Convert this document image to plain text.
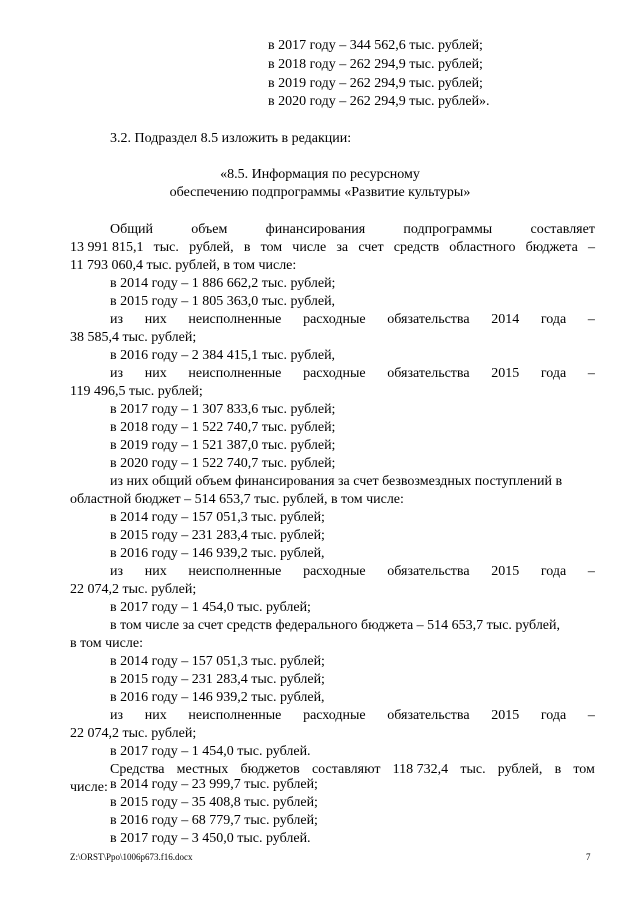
в 2017 году – 344 562,6 тыс. рублей;
в 2018 году – 262 294,9 тыс. рублей;
в 2019 году – 262 294,9 тыс. рублей;
в 2020 году – 262 294,9 тыс. рублей».
3.2. Подраздел 8.5 изложить в редакции:
«8.5. Информация по ресурсному
обеспечению подпрограммы «Развитие культуры»
Общий	объем	финансирования	подпрограммы	составляет
13 991 815,1 тыс. рублей, в том числе за счет средств областного бюджета –
11 793 060,4 тыс. рублей, в том числе:
в 2014 году – 1 886 662,2 тыс. рублей;
в 2015 году – 1 805 363,0 тыс. рублей,
из них неисполненные расходные обязательства 2014 года –
38 585,4 тыс. рублей;
в 2016 году – 2 384 415,1 тыс. рублей,
из них неисполненные расходные обязательства 2015 года –
119 496,5 тыс. рублей;
в 2017 году – 1 307 833,6 тыс. рублей;
в 2018 году – 1 522 740,7 тыс. рублей;
в 2019 году – 1 521 387,0 тыс. рублей;
в 2020 году – 1 522 740,7 тыс. рублей;
из них общий объем финансирования за счет безвозмездных поступлений в
областной бюджет – 514 653,7 тыс. рублей, в том числе:
в 2014 году – 157 051,3 тыс. рублей;
в 2015 году – 231 283,4 тыс. рублей;
в 2016 году – 146 939,2 тыс. рублей,
из них неисполненные расходные обязательства 2015 года –
22 074,2 тыс. рублей;
в 2017 году – 1 454,0 тыс. рублей;
в том числе за счет средств федерального бюджета – 514 653,7 тыс. рублей,
в том числе:
в 2014 году – 157 051,3 тыс. рублей;
в 2015 году – 231 283,4 тыс. рублей;
в 2016 году – 146 939,2 тыс. рублей,
из них неисполненные расходные обязательства 2015 года –
22 074,2 тыс. рублей;
в 2017 году – 1 454,0 тыс. рублей.
Средства местных бюджетов составляют 118 732,4 тыс. рублей, в том
числе: в 2014 году – 23 999,7 тыс. рублей;
в 2015 году – 35 408,8 тыс. рублей;
в 2016 году – 68 779,7 тыс. рублей;
Z:\ORST\Ppo\1006p673.f16.docx	7
в 2017 году – 3 450,0 тыс. рублей.
